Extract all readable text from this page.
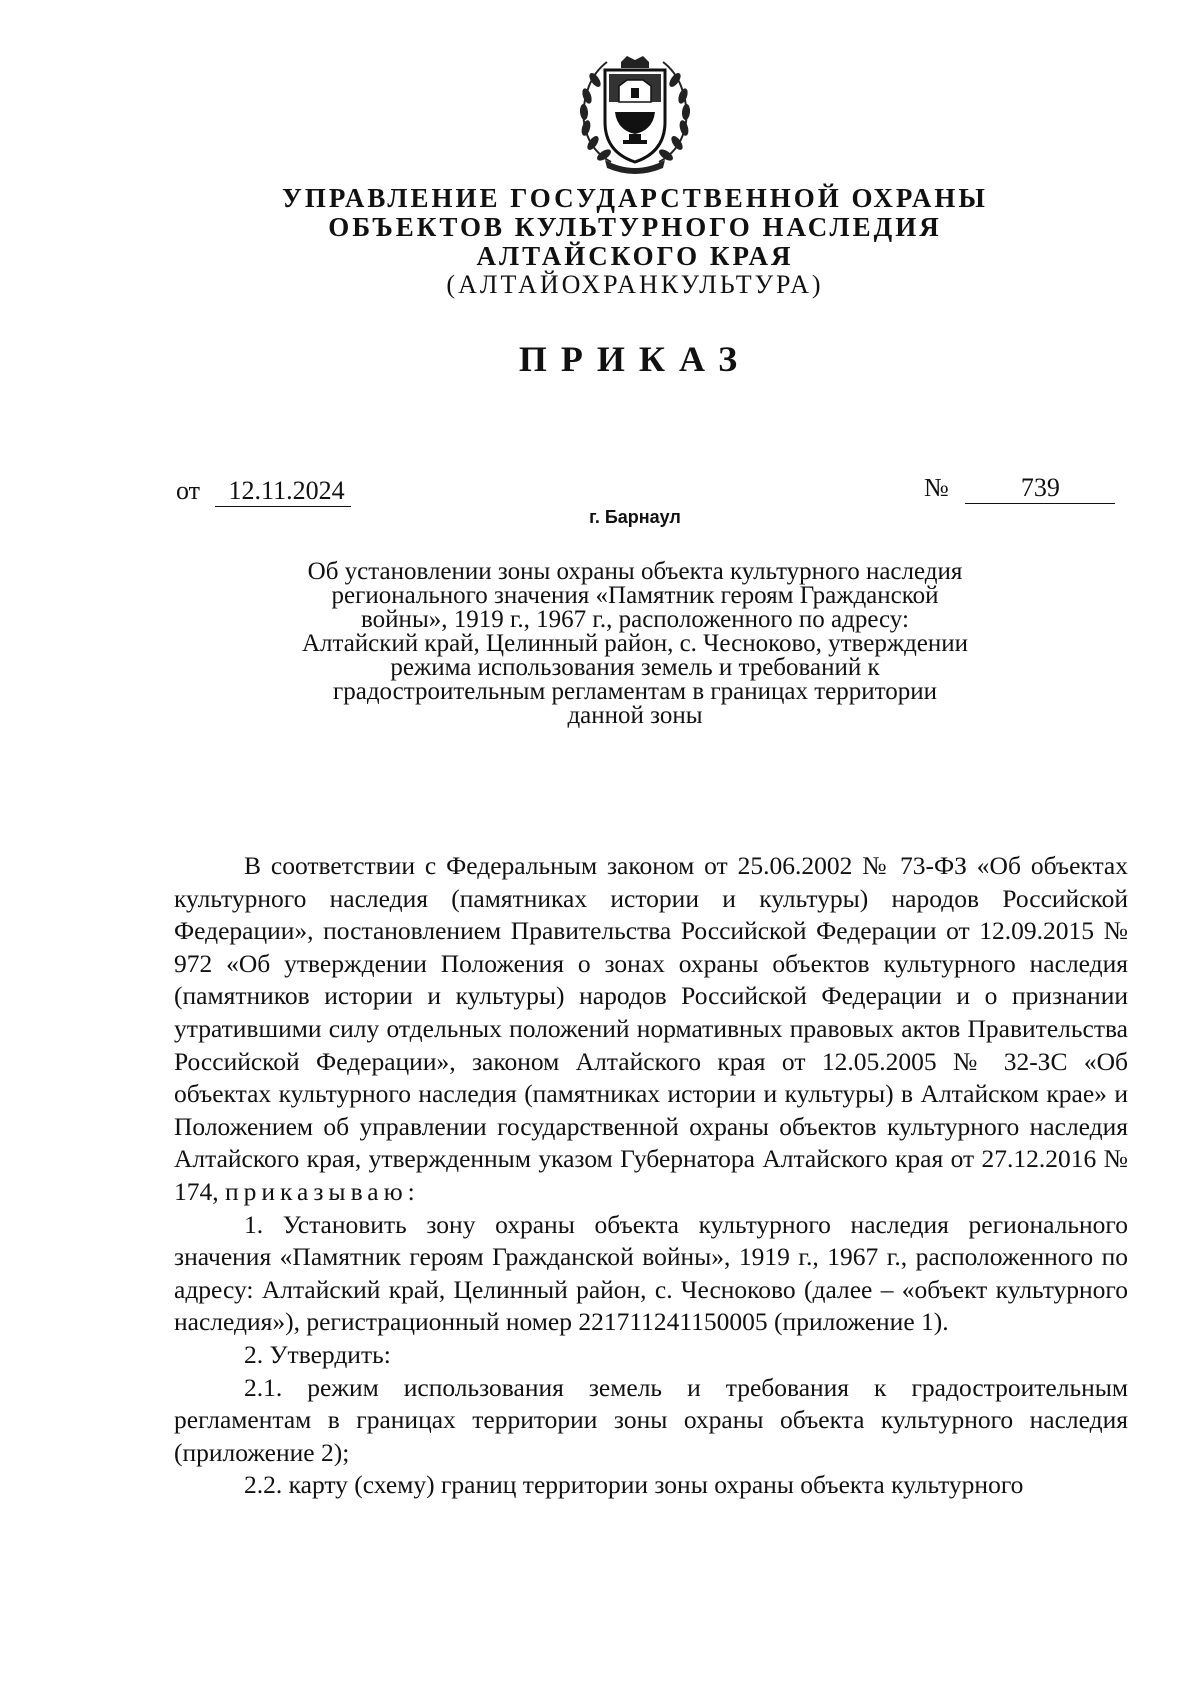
УПРАВЛЕНИЕ ГОСУДАРСТВЕННОЙ ОХРАНЫ
ОБЪЕКТОВ КУЛЬТУРНОГО НАСЛЕДИЯ
АЛТАЙСКОГО КРАЯ
(АЛТАЙОХРАНКУЛЬТУРА)
ПРИКАЗ
от 12.11.2024	№	739
г. Барнаул
Об установлении зоны охраны объекта культурного наследия
регионального значения «Памятник героям Гражданской
войны», 1919 г., 1967 г., расположенного по адресу:
Алтайский край, Целинный район, с. Чесноково, утверждении
режима использования земель и требований к
градостроительным регламентам в границах территории
данной зоны

В соответствии с Федеральным законом от 25.06.2002 № 73-ФЗ «Об объектах культурного наследия (памятниках истории и культуры) народов Российской Федерации», постановлением Правительства Российской Федерации от 12.09.2015 № 972 «Об утверждении Положения о зонах охраны объектов культурного наследия (памятников истории и культуры) народов Российской Федерации и о признании утратившими силу отдельных положений нормативных правовых актов Правительства Российской Федерации», законом Алтайского края от 12.05.2005 № 32-ЗС «Об объектах культурного наследия (памятниках истории и культуры) в Алтайском крае» и Положением об управлении государственной охраны объектов культурного наследия Алтайского края, утвержденным указом Губернатора Алтайского края от 27.12.2016 № 174, приказываю:

1. Установить зону охраны объекта культурного наследия регионального значения «Памятник героям Гражданской войны», 1919 г., 1967 г., расположенного по адресу: Алтайский край, Целинный район, с. Чесноково (далее – «объект культурного наследия»), регистрационный номер 221711241150005 (приложение 1).

2. Утвердить:

2.1. режим использования земель и требования к градостроительным регламентам в границах территории зоны охраны объекта культурного наследия (приложение 2);

2.2. карту (схему) границ территории зоны охраны объекта культурного
